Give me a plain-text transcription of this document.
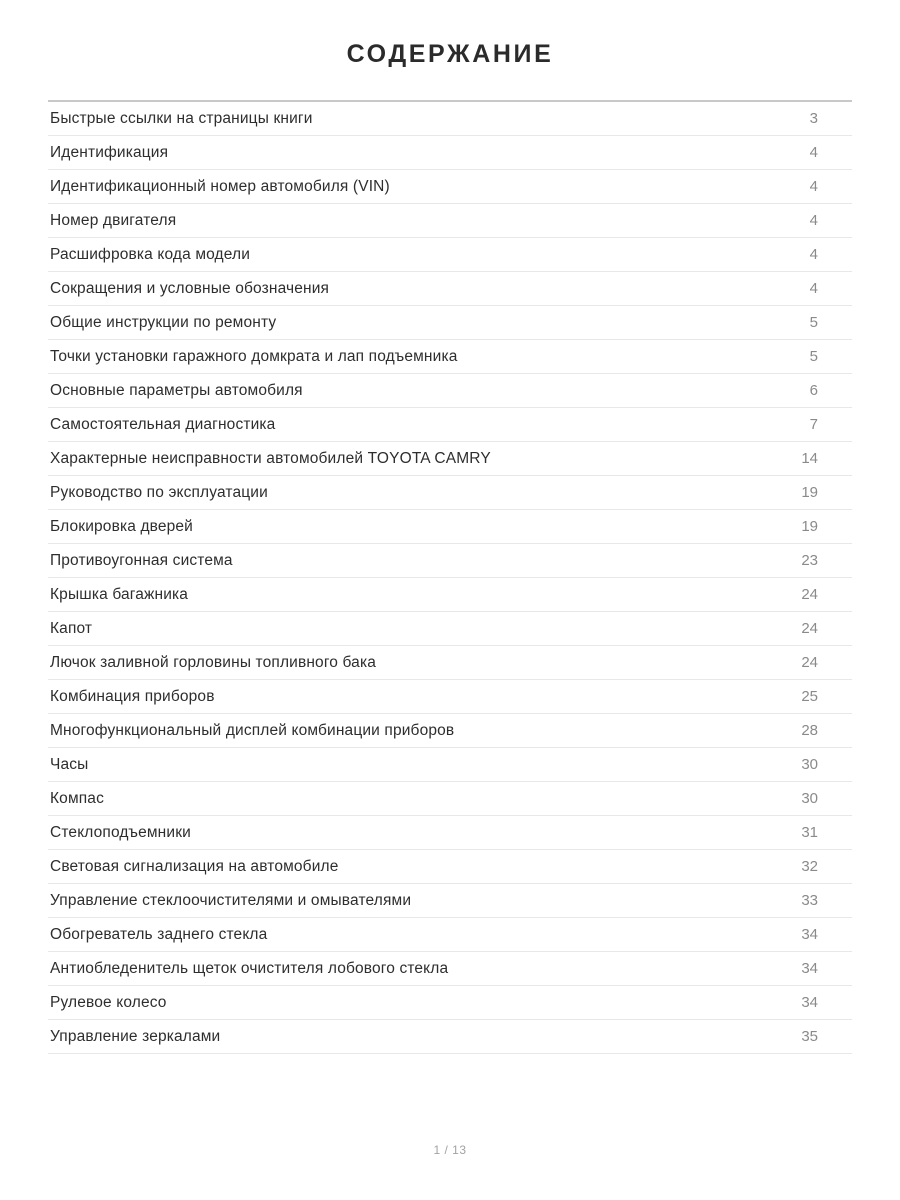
СОДЕРЖАНИЕ
Быстрые ссылки на страницы книги	3
Идентификация	4
Идентификационный номер автомобиля (VIN)	4
Номер двигателя	4
Расшифровка кода модели	4
Сокращения и условные обозначения	4
Общие инструкции по ремонту	5
Точки установки гаражного домкрата и лап подъемника	5
Основные параметры автомобиля	6
Самостоятельная диагностика	7
Характерные неисправности автомобилей TOYOTA CAMRY	14
Руководство по эксплуатации	19
Блокировка дверей	19
Противоугонная система	23
Крышка багажника	24
Капот	24
Лючок заливной горловины топливного бака	24
Комбинация приборов	25
Многофункциональный дисплей комбинации приборов	28
Часы	30
Компас	30
Стеклоподъемники	31
Световая сигнализация на автомобиле	32
Управление стеклоочистителями и омывателями	33
Обогреватель заднего стекла	34
Антиобледенитель щеток очистителя лобового стекла	34
Рулевое колесо	34
Управление зеркалами	35
1 / 13
